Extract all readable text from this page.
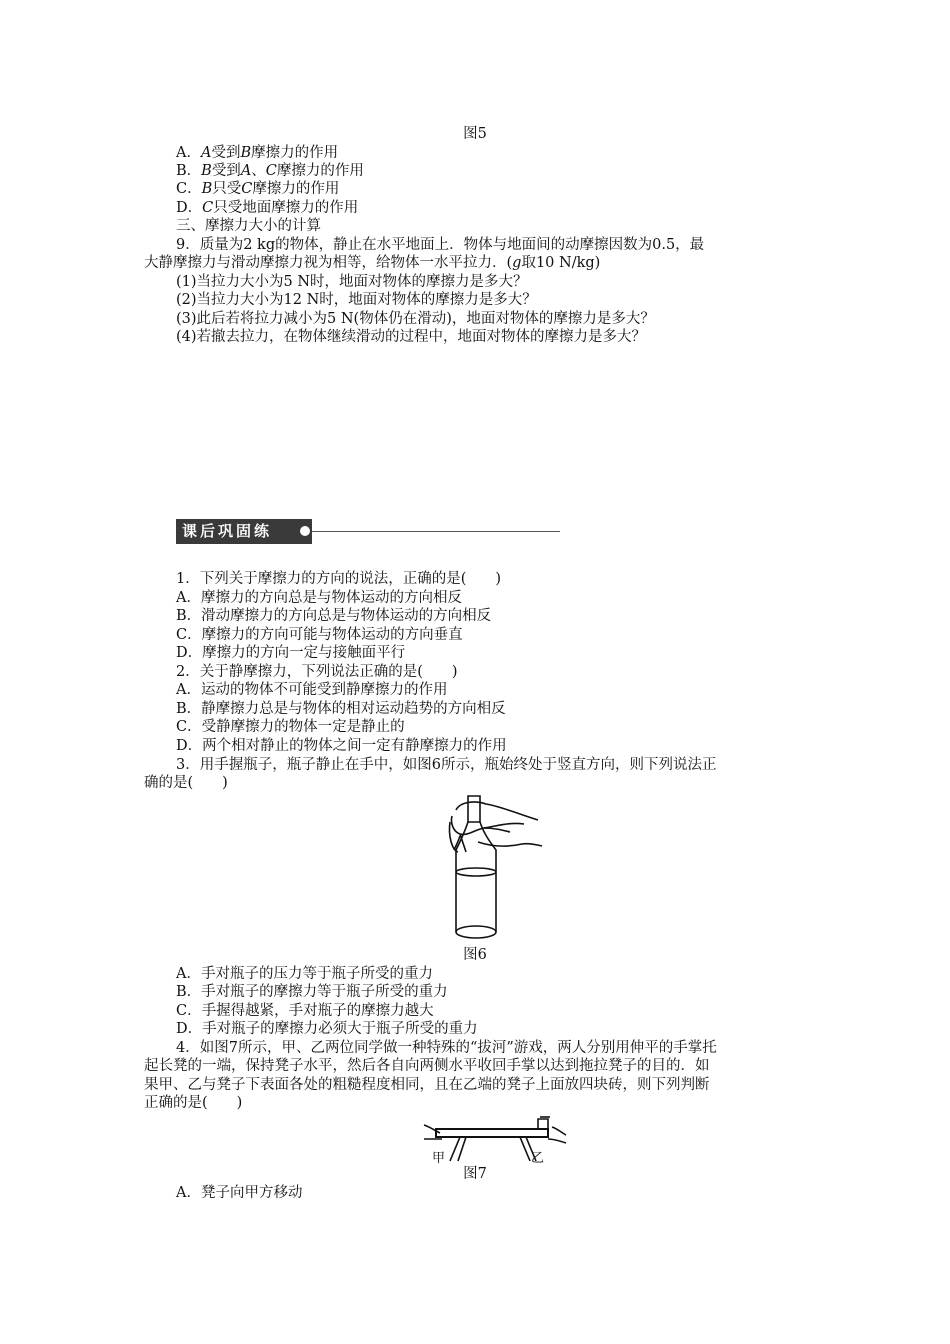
图5
A．A受到B摩擦力的作用
B．B受到A、C摩擦力的作用
C．B只受C摩擦力的作用
D．C只受地面摩擦力的作用
三、摩擦力大小的计算
9．质量为2 kg的物体，静止在水平地面上．物体与地面间的动摩擦因数为0.5，最
大静摩擦力与滑动摩擦力视为相等，给物体一水平拉力．(g取10 N/kg)
(1)当拉力大小为5 N时，地面对物体的摩擦力是多大？
(2)当拉力大小为12 N时，地面对物体的摩擦力是多大？
(3)此后若将拉力减小为5 N(物体仍在滑动)，地面对物体的摩擦力是多大？
(4)若撤去拉力，在物体继续滑动的过程中，地面对物体的摩擦力是多大？
课后巩固练
1．下列关于摩擦力的方向的说法，正确的是(　　)
A．摩擦力的方向总是与物体运动的方向相反
B．滑动摩擦力的方向总是与物体运动的方向相反
C．摩擦力的方向可能与物体运动的方向垂直
D．摩擦力的方向一定与接触面平行
2．关于静摩擦力，下列说法正确的是(　　)
A．运动的物体不可能受到静摩擦力的作用
B．静摩擦力总是与物体的相对运动趋势的方向相反
C．受静摩擦力的物体一定是静止的
D．两个相对静止的物体之间一定有静摩擦力的作用
3．用手握瓶子，瓶子静止在手中，如图6所示，瓶始终处于竖直方向，则下列说法正
确的是(　　)
图6
A．手对瓶子的压力等于瓶子所受的重力
B．手对瓶子的摩擦力等于瓶子所受的重力
C．手握得越紧，手对瓶子的摩擦力越大
D．手对瓶子的摩擦力必须大于瓶子所受的重力
4．如图7所示，甲、乙两位同学做一种特殊的“拔河”游戏，两人分别用伸平的手掌托
起长凳的一端，保持凳子水平，然后各自向两侧水平收回手掌以达到拖拉凳子的目的．如
果甲、乙与凳子下表面各处的粗糙程度相同，且在乙端的凳子上面放四块砖，则下列判断
正确的是(　　)
甲	乙
图7
A．凳子向甲方移动
